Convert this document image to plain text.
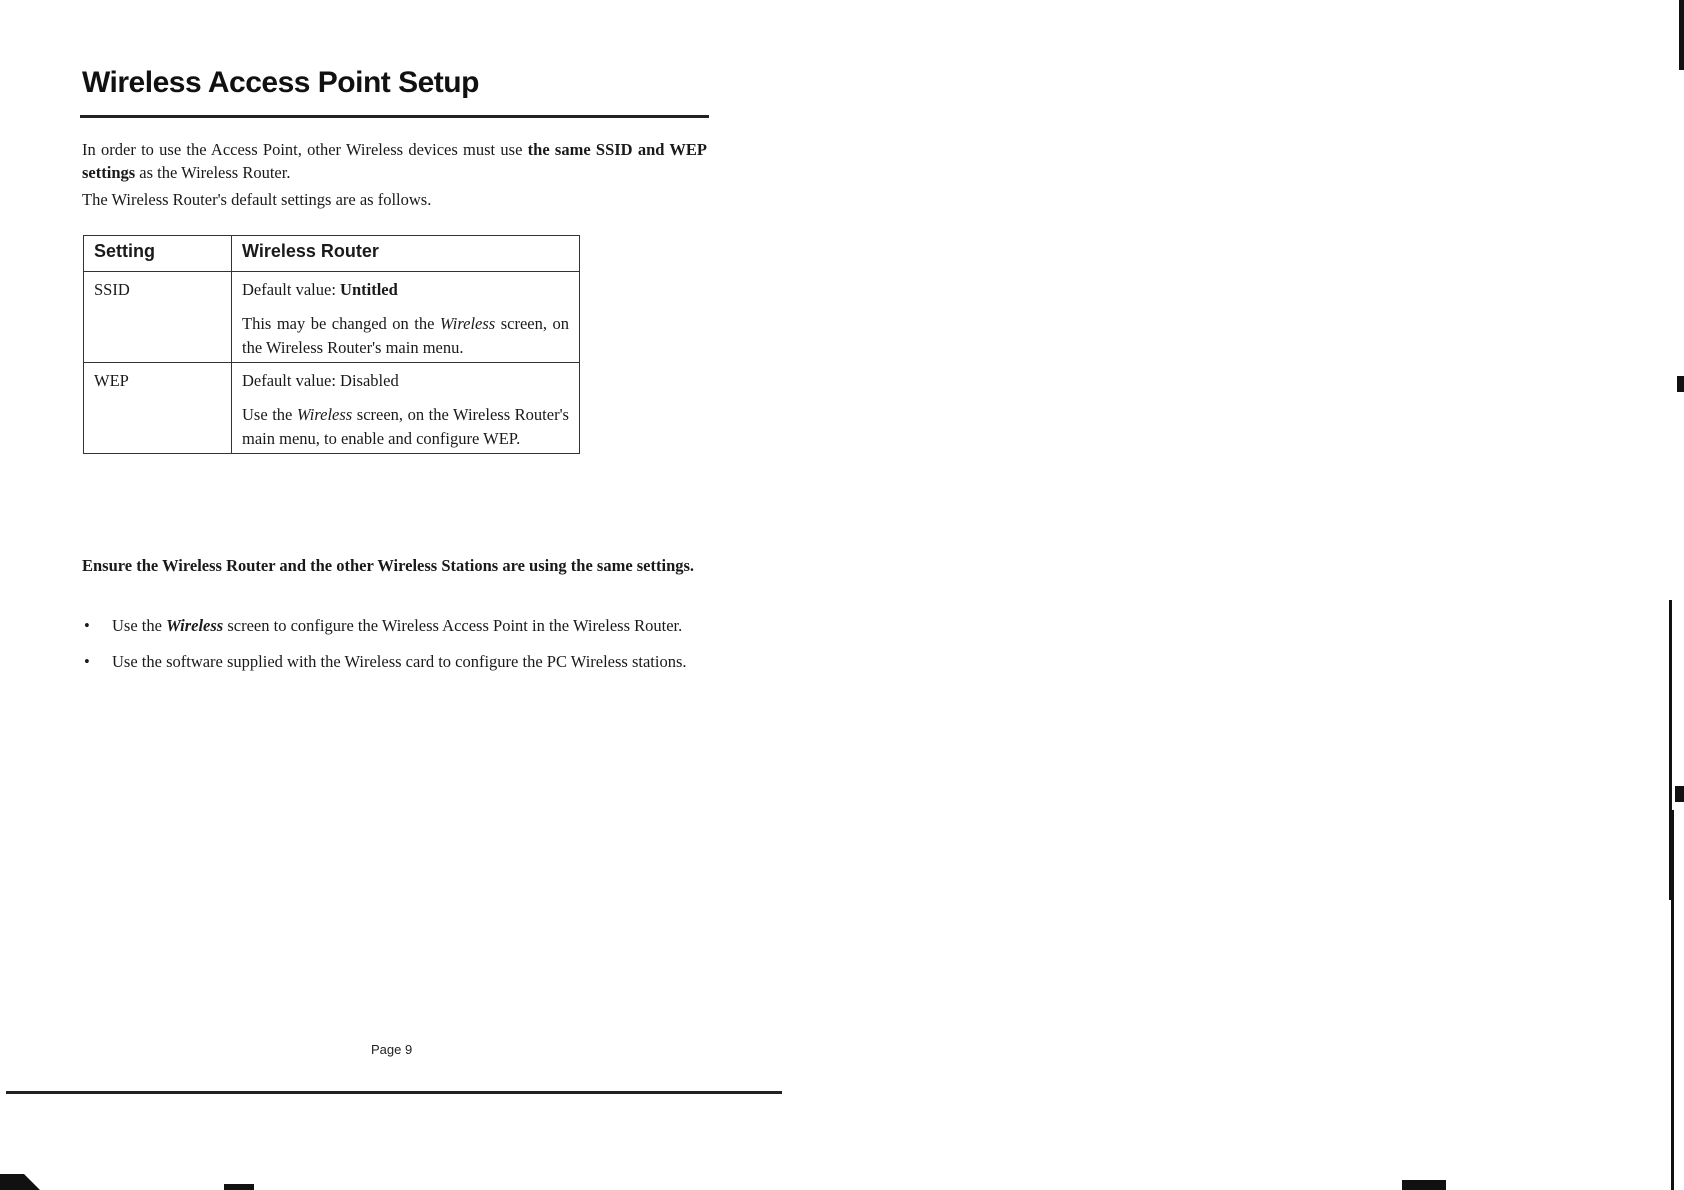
Wireless Access Point Setup

In order to use the Access Point, other Wireless devices must use the same SSID and WEP settings as the Wireless Router.

The Wireless Router's default settings are as follows.

Setting	Wireless Router
SSID	Default value: Untitled

This may be changed on the Wireless screen, on the Wireless Router's main menu.

WEP	Default value: Disabled

Use the Wireless screen, on the Wireless Router's main menu, to enable and configure WEP.

Ensure the Wireless Router and the other Wireless Stations are using the same settings.

• Use the Wireless screen to configure the Wireless Access Point in the Wireless Router.
• Use the software supplied with the Wireless card to configure the PC Wireless stations.
Page 9
